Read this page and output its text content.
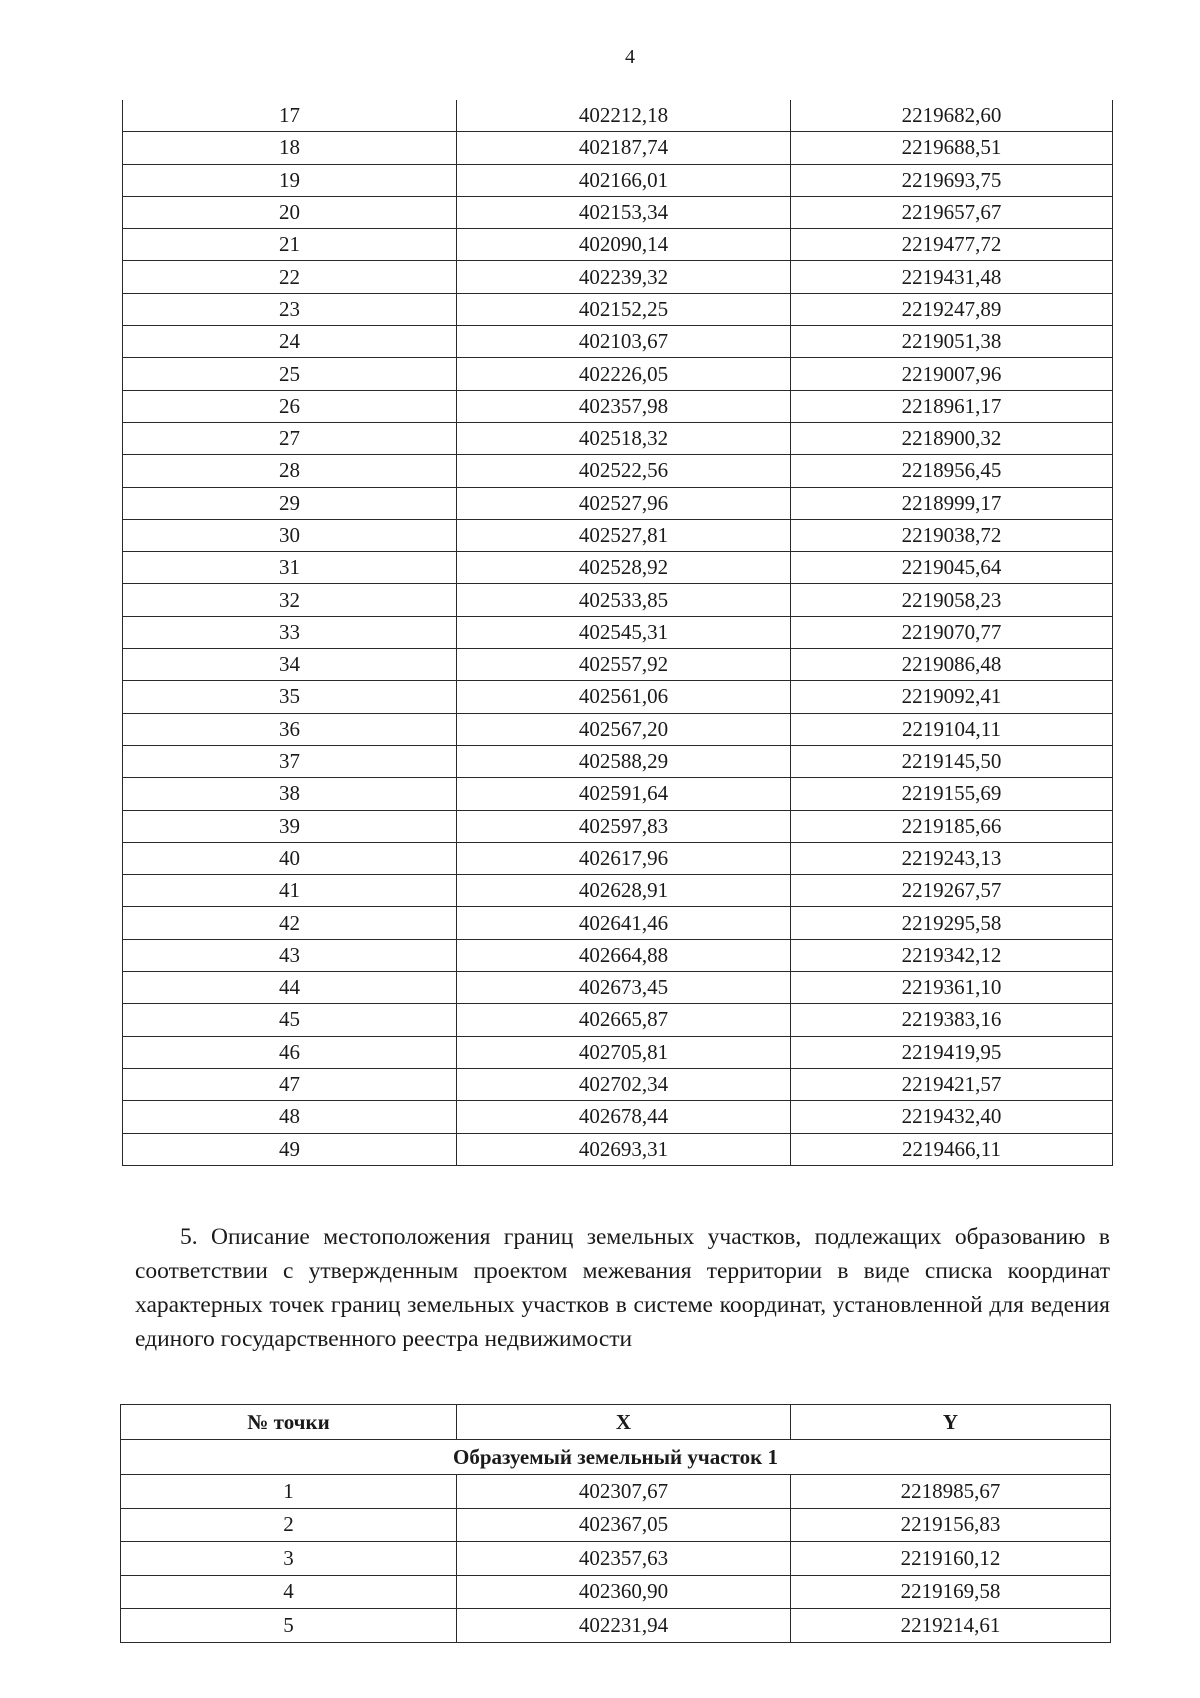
4
17	402212,18	2219682,60
18	402187,74	2219688,51
19	402166,01	2219693,75
20	402153,34	2219657,67
21	402090,14	2219477,72
22	402239,32	2219431,48
23	402152,25	2219247,89
24	402103,67	2219051,38
25	402226,05	2219007,96
26	402357,98	2218961,17
27	402518,32	2218900,32
28	402522,56	2218956,45
29	402527,96	2218999,17
30	402527,81	2219038,72
31	402528,92	2219045,64
32	402533,85	2219058,23
33	402545,31	2219070,77
34	402557,92	2219086,48
35	402561,06	2219092,41
36	402567,20	2219104,11
37	402588,29	2219145,50
38	402591,64	2219155,69
39	402597,83	2219185,66
40	402617,96	2219243,13
41	402628,91	2219267,57
42	402641,46	2219295,58
43	402664,88	2219342,12
44	402673,45	2219361,10
45	402665,87	2219383,16
46	402705,81	2219419,95
47	402702,34	2219421,57
48	402678,44	2219432,40
49	402693,31	2219466,11

5. Описание местоположения границ земельных участков, подлежащих образованию в соответствии с утвержденным проектом межевания территории в виде списка координат характерных точек границ земельных участков в системе координат, установленной для ведения единого государственного реестра недвижимости

№ точки	X	Y
Образуемый земельный участок 1		
1	402307,67	2218985,67
2	402367,05	2219156,83
3	402357,63	2219160,12
4	402360,90	2219169,58
5	402231,94	2219214,61
